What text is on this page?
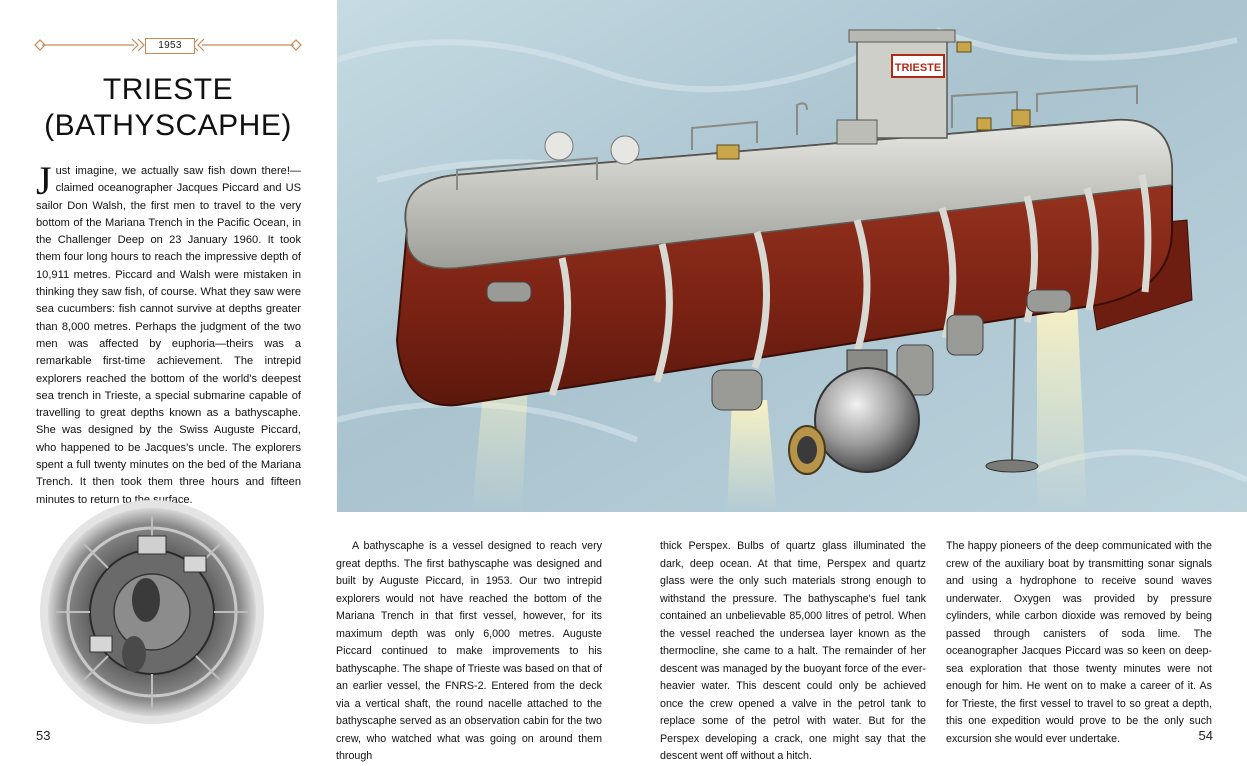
1953
TRIESTE
(BATHYSCAPHE)
Just imagine, we actually saw fish down there!— claimed oceanographer Jacques Piccard and US sailor Don Walsh, the first men to travel to the very bottom of the Mariana Trench in the Pacific Ocean, in the Challenger Deep on 23 January 1960. It took them four long hours to reach the impressive depth of 10,911 metres. Piccard and Walsh were mistaken in thinking they saw fish, of course. What they saw were sea cucumbers: fish cannot survive at depths greater than 8,000 metres. Perhaps the judgment of the two men was affected by euphoria—theirs was a remarkable first-time achievement. The intrepid explorers reached the bottom of the world's deepest sea trench in Trieste, a special submarine capable of travelling to great depths known as a bathyscaphe. She was designed by the Swiss Auguste Piccard, who happened to be Jacques's uncle. The explorers spent a full twenty minutes on the bed of the Mariana Trench. It then took them three hours and fifteen minutes to return to the surface.
TRIESTE

A bathyscaphe is a vessel designed to reach very great depths. The first bathyscaphe was designed and built by Auguste Piccard, in 1953. Our two intrepid explorers would not have reached the bottom of the Mariana Trench in that first vessel, however, for its maximum depth was only 6,000 metres. Auguste Piccard continued to make improvements to his bathyscaphe. The shape of Trieste was based on that of an earlier vessel, the FNRS-2. Entered from the deck via a vertical shaft, the round nacelle attached to the bathyscaphe served as an observation cabin for the two crew, who watched what was going on around them through

thick Perspex. Bulbs of quartz glass illuminated the dark, deep ocean. At that time, Perspex and quartz glass were the only such materials strong enough to withstand the pressure. The bathyscaphe's fuel tank contained an unbelievable 85,000 litres of petrol. When the vessel reached the undersea layer known as the thermocline, she came to a halt. The remainder of her descent was managed by the buoyant force of the ever-heavier water. This descent could only be achieved once the crew opened a valve in the petrol tank to replace some of the petrol with water. But for the Perspex developing a crack, one might say that the descent went off without a hitch.

The happy pioneers of the deep communicated with the crew of the auxiliary boat by transmitting sonar signals and using a hydrophone to receive sound waves underwater. Oxygen was provided by pressure cylinders, while carbon dioxide was removed by being passed through canisters of soda lime. The oceanographer Jacques Piccard was so keen on deep-sea exploration that those twenty minutes were not enough for him. He went on to make a career of it. As for Trieste, the first vessel to travel to so great a depth, this one expedition would prove to be the only such excursion she would ever undertake.

53	54
